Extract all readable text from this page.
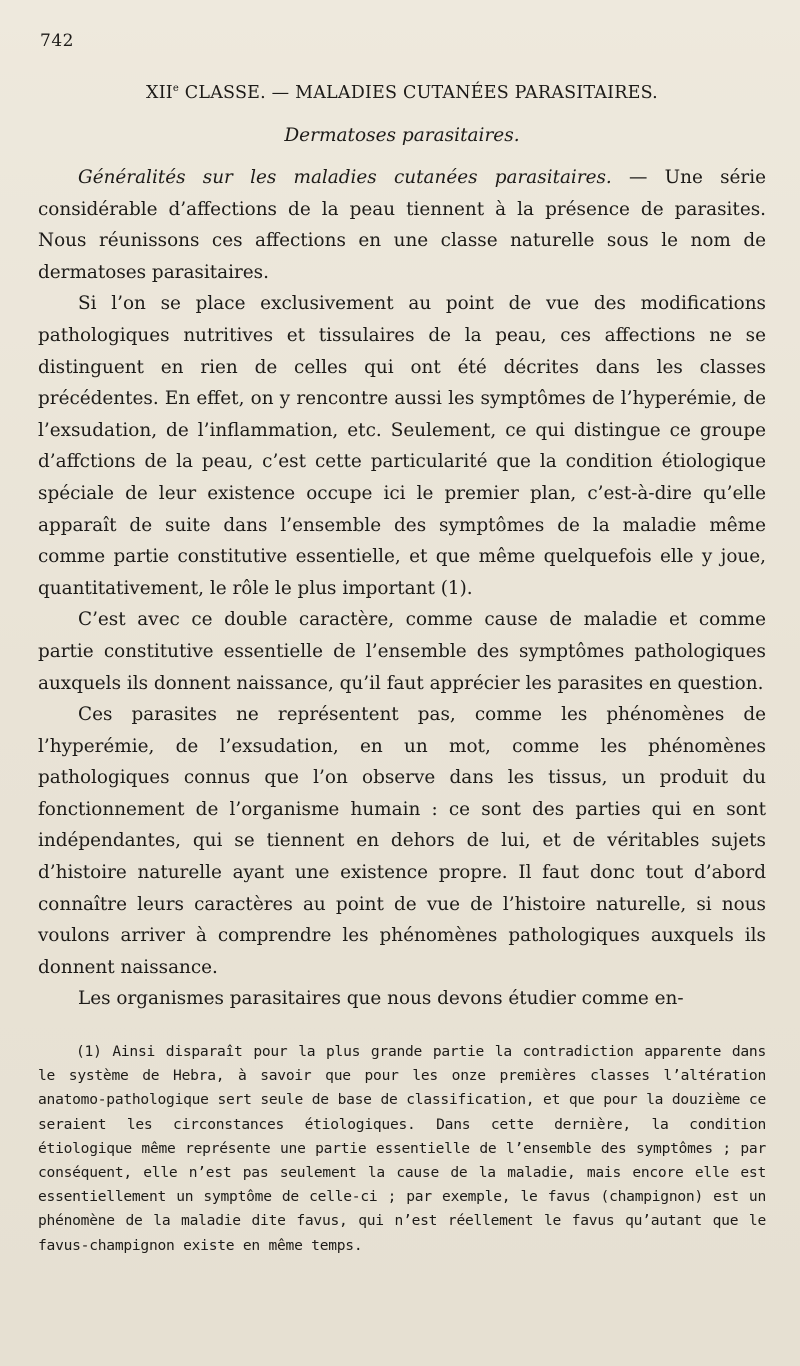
742
XIIe CLASSE. — MALADIES CUTANÉES PARASITAIRES.
Dermatoses parasitaires.

Généralités sur les maladies cutanées parasitaires. — Une série considérable d’affections de la peau tiennent à la présence de parasites. Nous réunissons ces affections en une classe naturelle sous le nom de dermatoses parasitaires.

Si l’on se place exclusivement au point de vue des modifications pathologiques nutritives et tissulaires de la peau, ces affections ne se distinguent en rien de celles qui ont été décrites dans les classes précédentes. En effet, on y rencontre aussi les symptômes de l’hyperémie, de l’exsudation, de l’inflammation, etc. Seulement, ce qui distingue ce groupe d’affctions de la peau, c’est cette particularité que la condition étiologique spéciale de leur existence occupe ici le premier plan, c’est-à-dire qu’elle apparaît de suite dans l’ensemble des symptômes de la maladie même comme partie constitutive essentielle, et que même quelquefois elle y joue, quantitativement, le rôle le plus important (1).

C’est avec ce double caractère, comme cause de maladie et comme partie constitutive essentielle de l’ensemble des symptômes pathologiques auxquels ils donnent naissance, qu’il faut apprécier les parasites en question.

Ces parasites ne représentent pas, comme les phénomènes de l’hyperémie, de l’exsudation, en un mot, comme les phénomènes pathologiques connus que l’on observe dans les tissus, un produit du fonctionnement de l’organisme humain : ce sont des parties qui en sont indépendantes, qui se tiennent en dehors de lui, et de véritables sujets d’histoire naturelle ayant une existence propre. Il faut donc tout d’abord connaître leurs caractères au point de vue de l’histoire naturelle, si nous voulons arriver à comprendre les phénomènes pathologiques auxquels ils donnent naissance.

Les organismes parasitaires que nous devons étudier comme en-

(1) Ainsi disparaît pour la plus grande partie la contradiction apparente dans le système de Hebra, à savoir que pour les onze premières classes l’altération anatomo-pathologique sert seule de base de classification, et que pour la douzième ce seraient les circonstances étiologiques. Dans cette dernière, la condition étiologique même représente une partie essentielle de l’ensemble des symptômes ; par conséquent, elle n’est pas seulement la cause de la maladie, mais encore elle est essentiellement un symptôme de celle-ci ; par exemple, le favus (champignon) est un phénomène de la maladie dite favus, qui n’est réellement le favus qu’autant que le favus-champignon existe en même temps.
